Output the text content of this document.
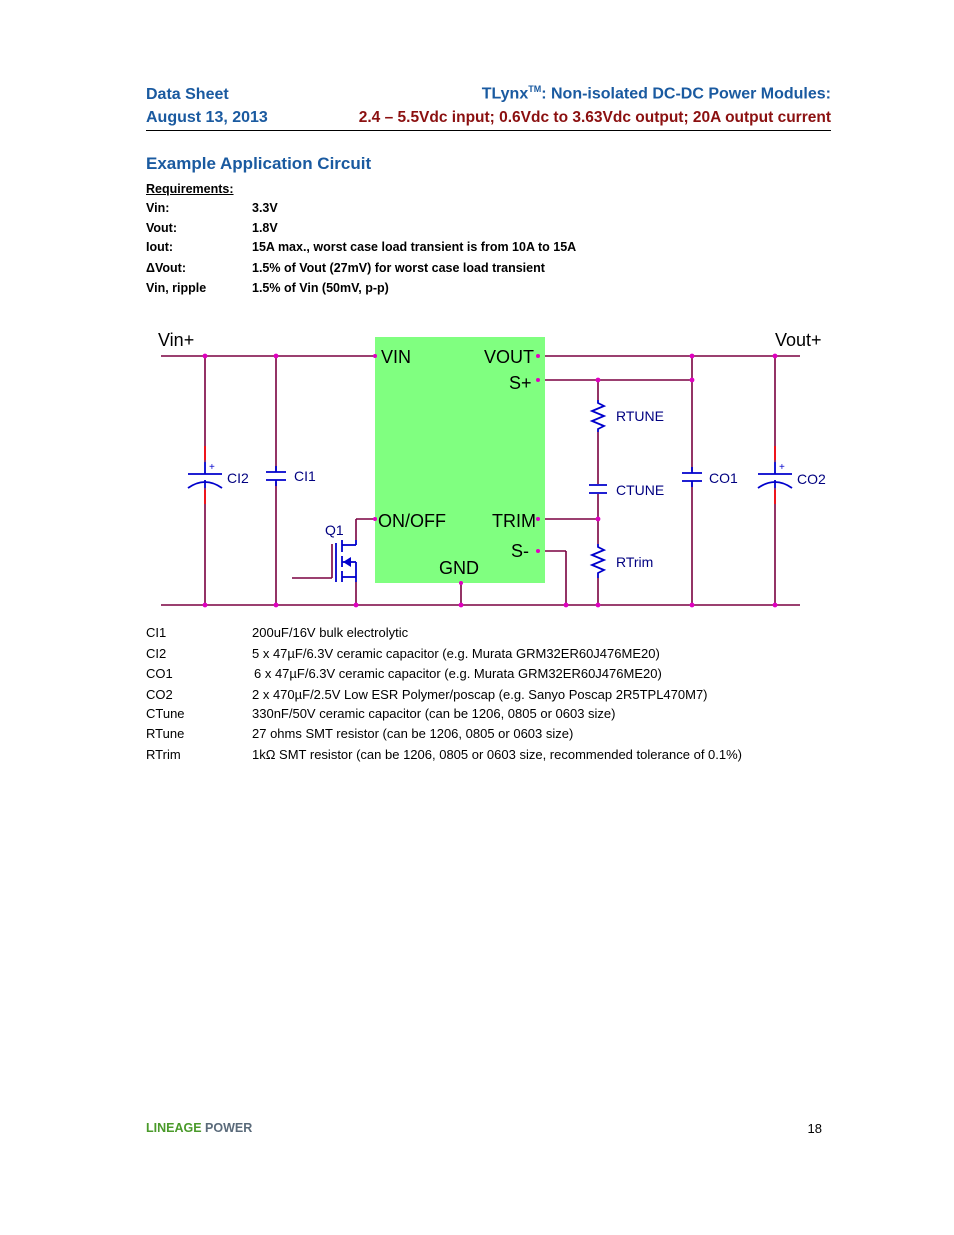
Data Sheet
August 13, 2013
TLynx™: Non-isolated DC-DC Power Modules:
2.4 – 5.5Vdc input; 0.6Vdc to 3.63Vdc output; 20A output current
Example Application Circuit
Requirements:
Vin:	3.3V
Vout:	1.8V
Iout:	15A max., worst case load transient is from 10A to 15A
ΔVout:	1.5% of Vout (27mV) for worst case load transient
Vin, ripple	1.5% of Vin (50mV, p-p)
Vin+	Vout+
VIN	VOUT
S+
ON/OFF	TRIM
S-
GND
CI2	CI1
Q1
RTUNE
CTUNE
RTrim
CO1	CO2
+	+
CI1	200uF/16V bulk electrolytic
CI2	5 x 47µF/6.3V ceramic capacitor (e.g. Murata GRM32ER60J476ME20)
CO1	6 x 47µF/6.3V ceramic capacitor (e.g. Murata GRM32ER60J476ME20)
CO2	2 x 470µF/2.5V Low ESR Polymer/poscap (e.g. Sanyo Poscap 2R5TPL470M7)
CTune	330nF/50V ceramic capacitor (can be 1206, 0805 or 0603 size)
RTune	27 ohms SMT resistor (can be 1206, 0805 or 0603 size)
RTrim	1kΩ SMT resistor (can be 1206, 0805 or 0603 size, recommended tolerance of 0.1%)
LINEAGE POWER	18
